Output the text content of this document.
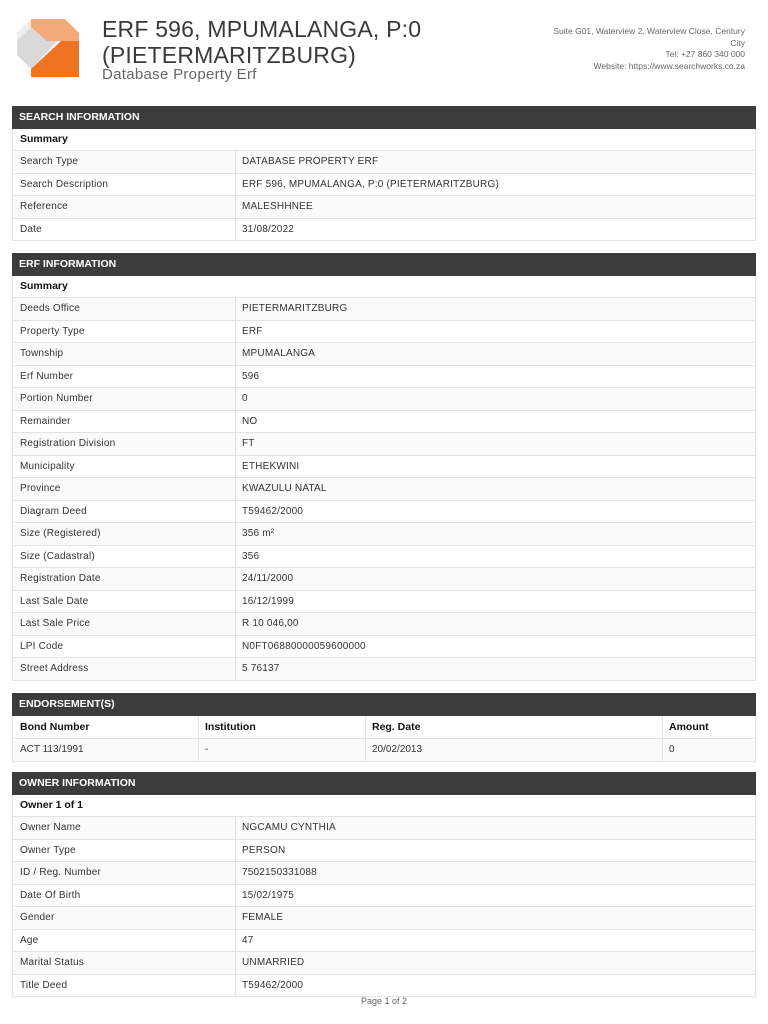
ERF 596, MPUMALANGA, P:0 (PIETERMARITZBURG)
Database Property Erf
Suite G01, Waterview 2, Waterview Close, Century
City
Tel: +27 860 340 000
Website: https://www.searchworks.co.za
SEARCH INFORMATION
Summary
Search Type	DATABASE PROPERTY ERF
Search Description	ERF 596, MPUMALANGA, P:0 (PIETERMARITZBURG)
Reference	MALESHHNEE
Date	31/08/2022
ERF INFORMATION
Summary
Deeds Office	PIETERMARITZBURG
Property Type	ERF
Township	MPUMALANGA
Erf Number	596
Portion Number	0
Remainder	NO
Registration Division	FT
Municipality	ETHEKWINI
Province	KWAZULU NATAL
Diagram Deed	T59462/2000
Size (Registered)	356 m²
Size (Cadastral)	356
Registration Date	24/11/2000
Last Sale Date	16/12/1999
Last Sale Price	R 10 046,00
LPI Code	N0FT06880000059600000
Street Address	5 76137
ENDORSEMENT(S)
Bond Number	Institution	Reg. Date	Amount
ACT 113/1991	-	20/02/2013	0
OWNER INFORMATION
Owner 1 of 1
Owner Name	NGCAMU CYNTHIA
Owner Type	PERSON
ID / Reg. Number	7502150331088
Date Of Birth	15/02/1975
Gender	FEMALE
Age	47
Marital Status	UNMARRIED
Title Deed	T59462/2000
Page 1 of 2
